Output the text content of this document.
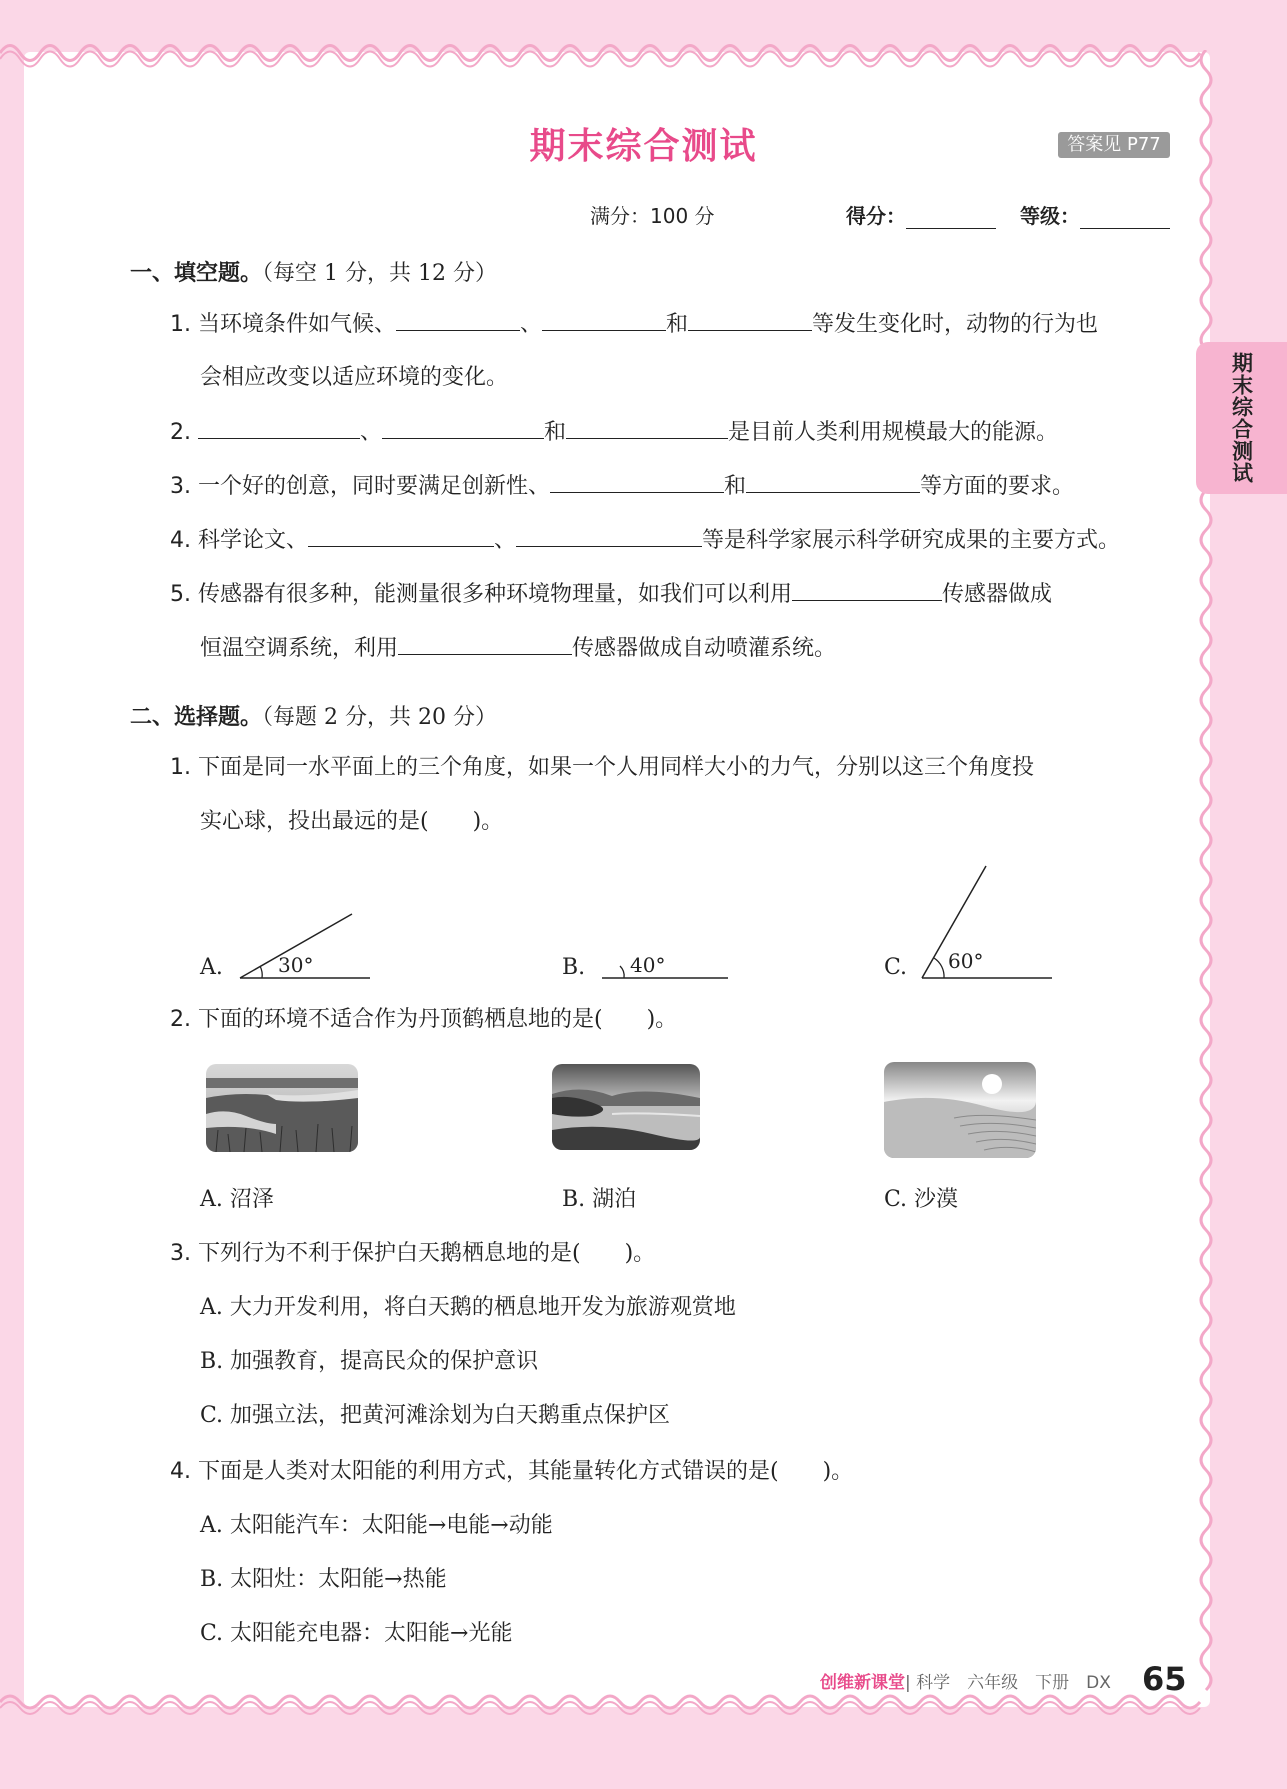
期末综合测试	答案见 P77
满分：100 分	得分：	等级：
期末综合测试
一、填空题。（每空 1 分，共 12 分）
1. 当环境条件如气候、	、	和	等发生变化时，动物的行为也
会相应改变以适应环境的变化。
2.	、	和	是目前人类利用规模最大的能源。
3. 一个好的创意，同时要满足创新性、	和	等方面的要求。
4. 科学论文、	、	等是科学家展示科学研究成果的主要方式。
5. 传感器有很多种，能测量很多种环境物理量，如我们可以利用	传感器做成
恒温空调系统，利用	传感器做成自动喷灌系统。
二、选择题。（每题 2 分，共 20 分）
1. 下面是同一水平面上的三个角度，如果一个人用同样大小的力气，分别以这三个角度投
实心球，投出最远的是(　　)。
A.	30°	B. 40°	C. 60°
2. 下面的环境不适合作为丹顶鹤栖息地的是(　　)。
A. 沼泽	B. 湖泊	C. 沙漠
3. 下列行为不利于保护白天鹅栖息地的是(　　)。
A. 大力开发利用，将白天鹅的栖息地开发为旅游观赏地
B. 加强教育，提高民众的保护意识
C. 加强立法，把黄河滩涂划为白天鹅重点保护区
4. 下面是人类对太阳能的利用方式，其能量转化方式错误的是(　　)。
A. 太阳能汽车：太阳能→电能→动能
B. 太阳灶：太阳能→热能
C. 太阳能充电器：太阳能→光能
创维新课堂| 科学　六年级　下册　DX 65
